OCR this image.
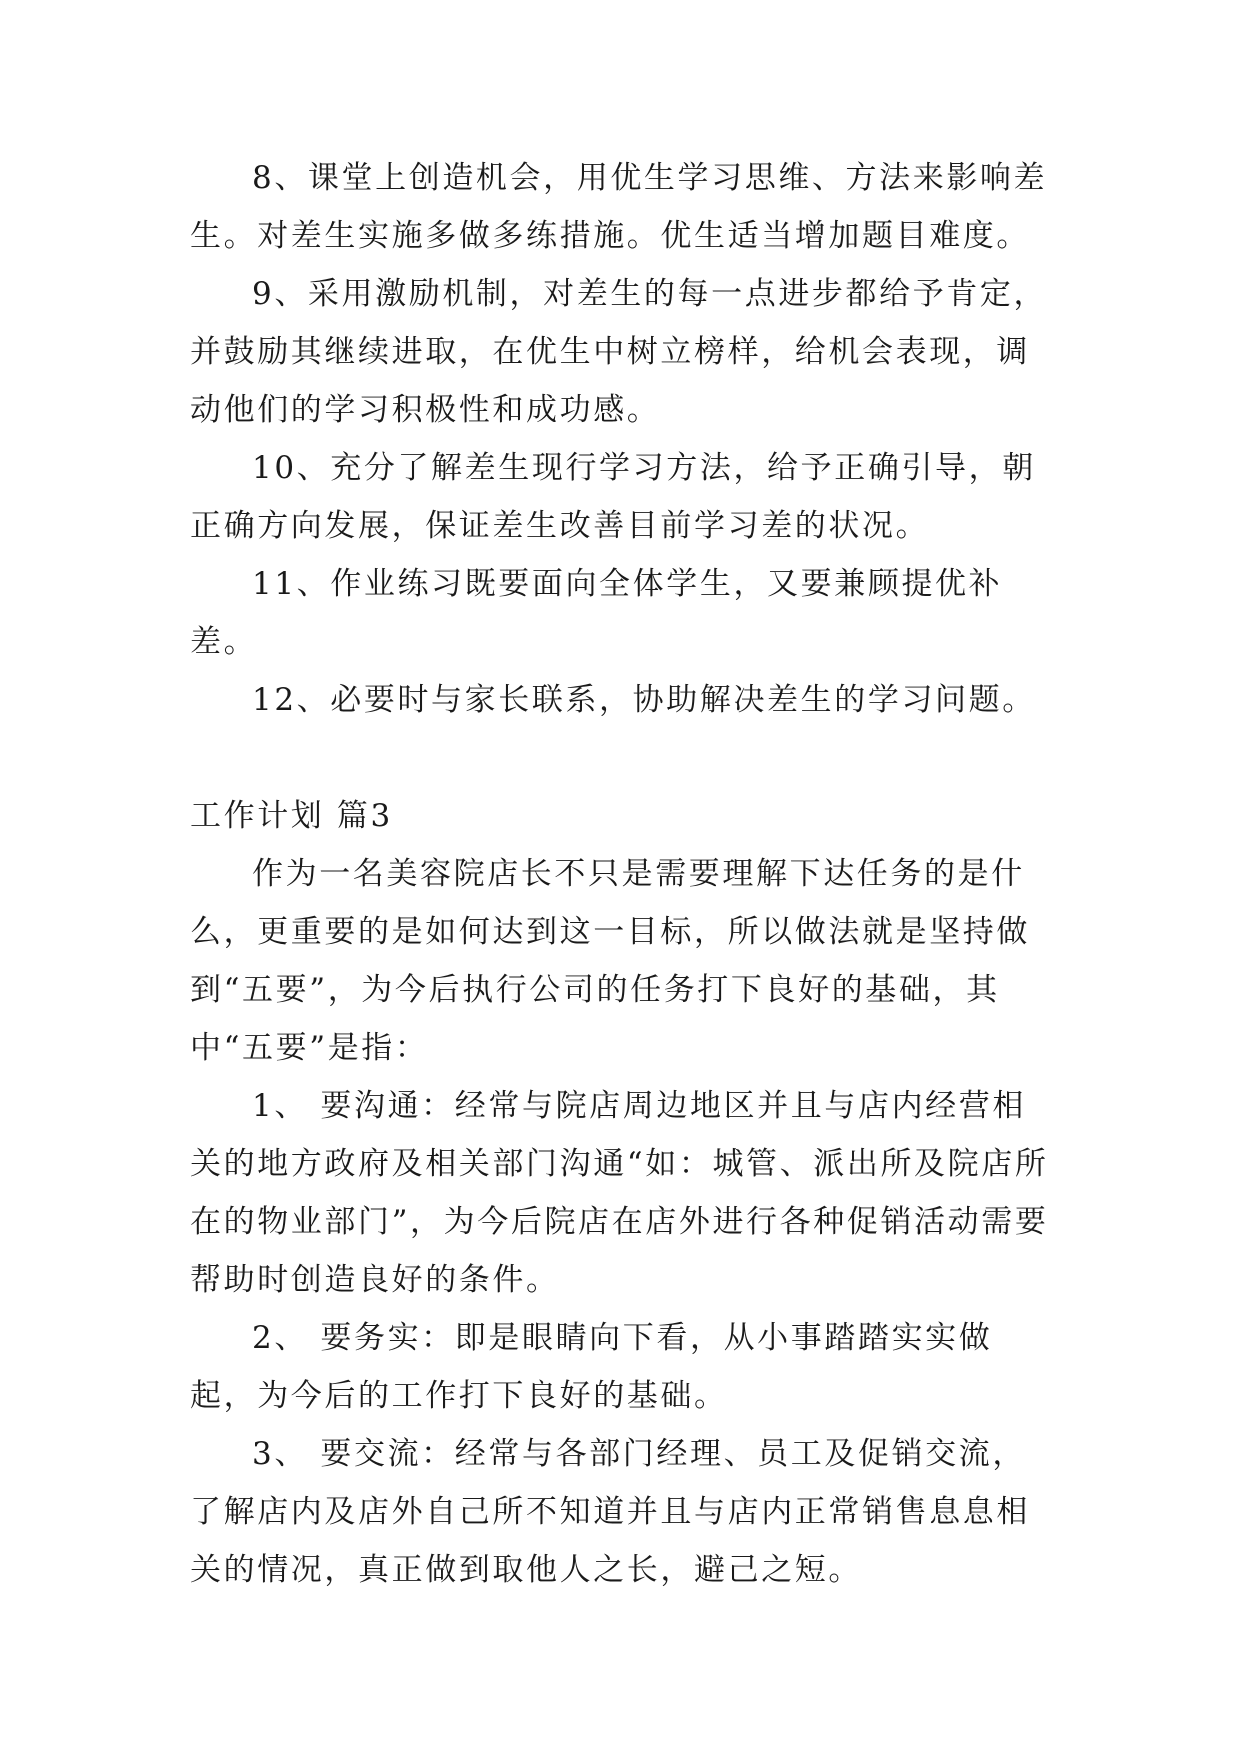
8、课堂上创造机会，用优生学习思维、方法来影响差生。对差生实施多做多练措施。优生适当增加题目难度。

9、采用激励机制，对差生的每一点进步都给予肯定，并鼓励其继续进取，在优生中树立榜样，给机会表现，调动他们的学习积极性和成功感。

10、充分了解差生现行学习方法，给予正确引导，朝正确方向发展，保证差生改善目前学习差的状况。

11、作业练习既要面向全体学生，又要兼顾提优补差。

12、必要时与家长联系，协助解决差生的学习问题。

工作计划 篇3

作为一名美容院店长不只是需要理解下达任务的是什么，更重要的是如何达到这一目标，所以做法就是坚持做到“五要”，为今后执行公司的任务打下良好的基础，其中“五要”是指：

1、 要沟通：经常与院店周边地区并且与店内经营相关的地方政府及相关部门沟通“如：城管、派出所及院店所在的物业部门”，为今后院店在店外进行各种促销活动需要帮助时创造良好的条件。

2、 要务实：即是眼睛向下看，从小事踏踏实实做起，为今后的工作打下良好的基础。

3、 要交流：经常与各部门经理、员工及促销交流，了解店内及店外自己所不知道并且与店内正常销售息息相关的情况，真正做到取他人之长，避己之短。
